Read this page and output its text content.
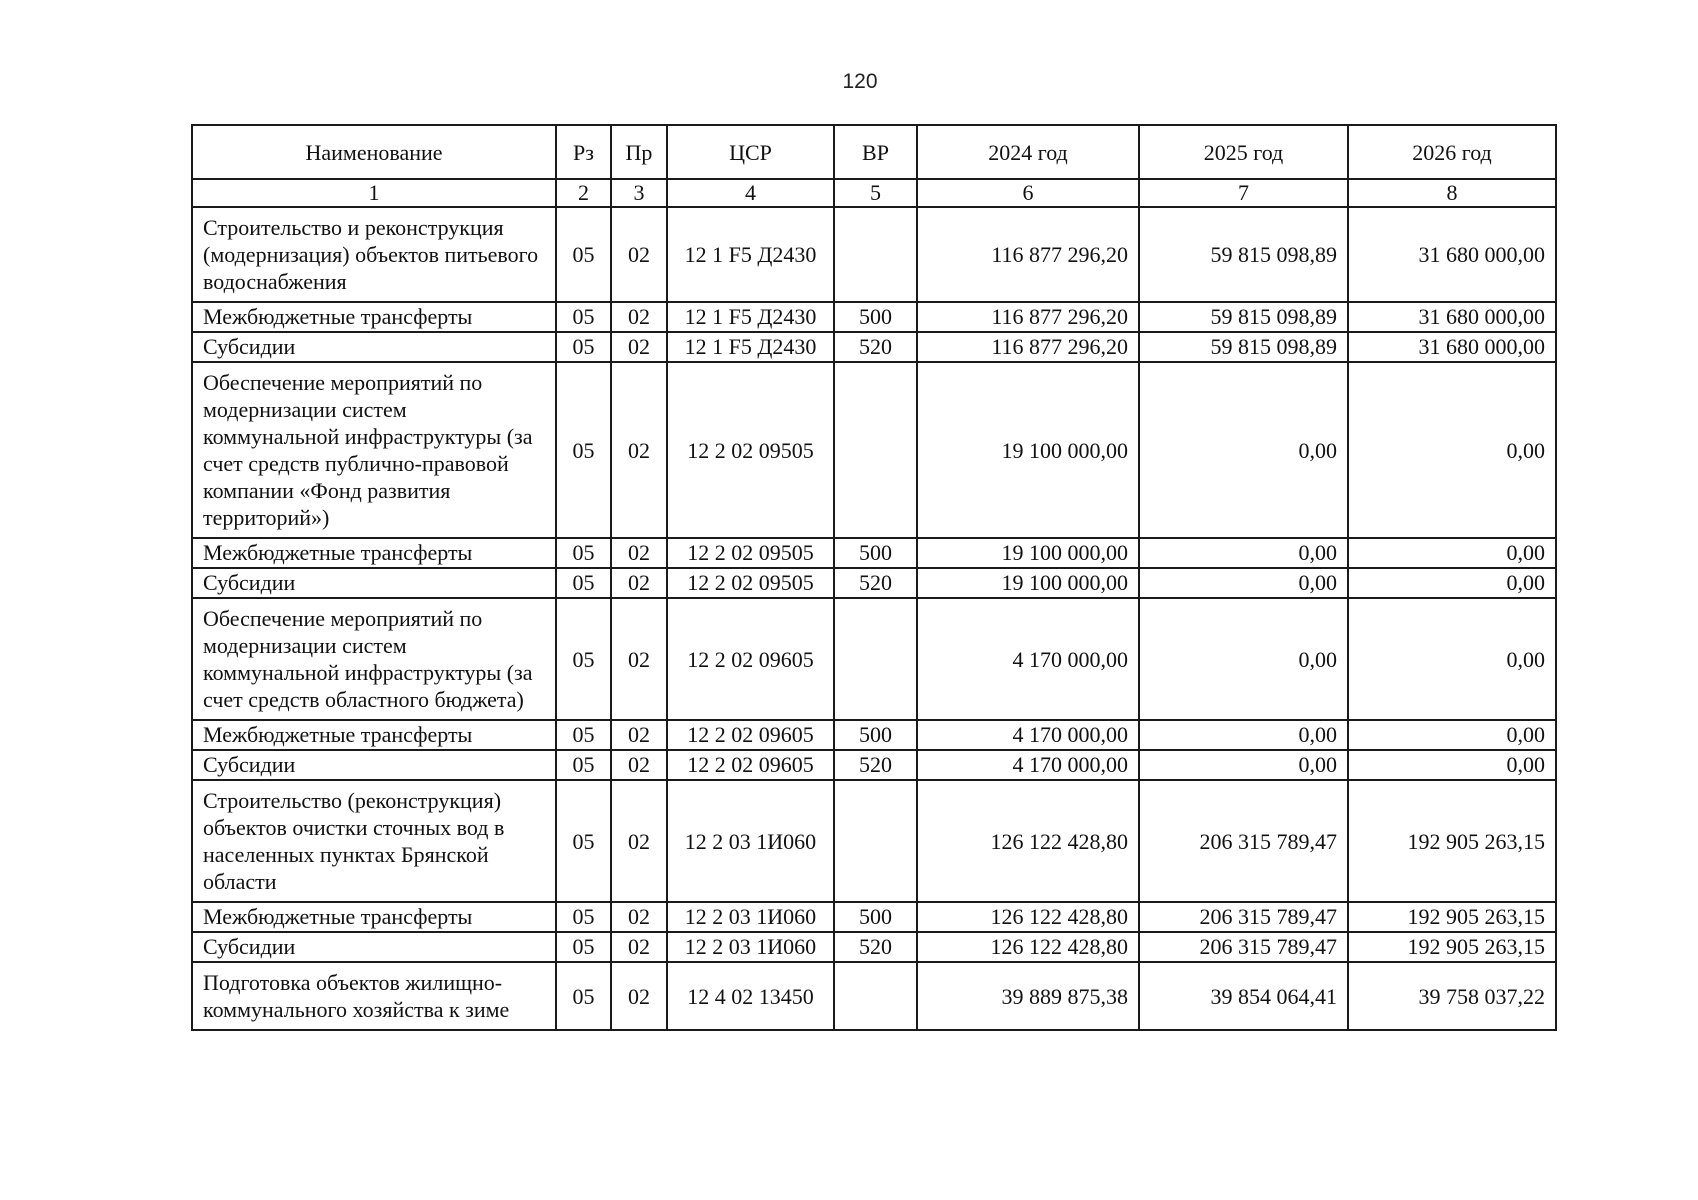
120
Наименование	Рз	Пр	ЦСР	ВР	2024 год	2025 год	2026 год
1	2	3	4	5	6	7	8
Строительство и реконструкция (модернизация) объектов питьевого водоснабжения	05	02	12 1 F5 Д2430		116 877 296,20	59 815 098,89	31 680 000,00
Межбюджетные трансферты	05	02	12 1 F5 Д2430	500	116 877 296,20	59 815 098,89	31 680 000,00
Субсидии	05	02	12 1 F5 Д2430	520	116 877 296,20	59 815 098,89	31 680 000,00
Обеспечение мероприятий по модернизации систем коммунальной инфраструктуры (за счет средств публично-правовой компании «Фонд развития территорий»)	05	02	12 2 02 09505		19 100 000,00	0,00	0,00
Межбюджетные трансферты	05	02	12 2 02 09505	500	19 100 000,00	0,00	0,00
Субсидии	05	02	12 2 02 09505	520	19 100 000,00	0,00	0,00
Обеспечение мероприятий по модернизации систем коммунальной инфраструктуры (за счет средств областного бюджета)	05	02	12 2 02 09605		4 170 000,00	0,00	0,00
Межбюджетные трансферты	05	02	12 2 02 09605	500	4 170 000,00	0,00	0,00
Субсидии	05	02	12 2 02 09605	520	4 170 000,00	0,00	0,00
Строительство (реконструкция) объектов очистки сточных вод в населенных пунктах Брянской области	05	02	12 2 03 1И060		126 122 428,80	206 315 789,47	192 905 263,15
Межбюджетные трансферты	05	02	12 2 03 1И060	500	126 122 428,80	206 315 789,47	192 905 263,15
Субсидии	05	02	12 2 03 1И060	520	126 122 428,80	206 315 789,47	192 905 263,15
Подготовка объектов жилищно-коммунального хозяйства к зиме	05	02	12 4 02 13450		39 889 875,38	39 854 064,41	39 758 037,22
